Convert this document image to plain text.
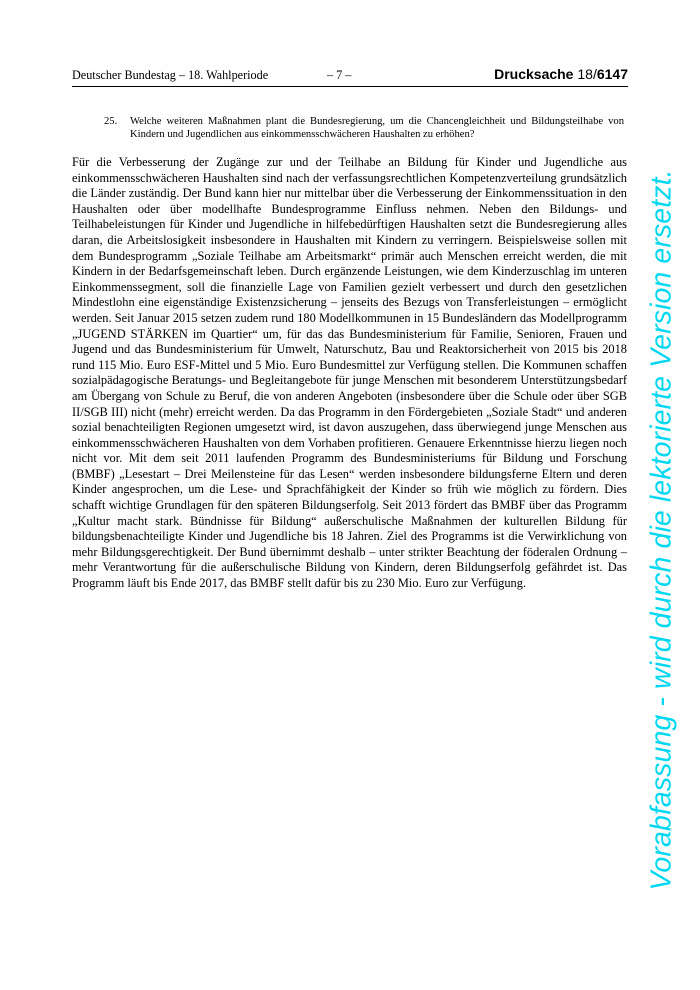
Deutscher Bundestag – 18. Wahlperiode	– 7 –	Drucksache 18/6147
25. Welche weiteren Maßnahmen plant die Bundesregierung, um die Chancengleichheit und Bildungsteilhabe von Kindern und Jugendlichen aus einkommensschwächeren Haushalten zu erhöhen?
Für die Verbesserung der Zugänge zur und der Teilhabe an Bildung für Kinder und Jugendliche aus einkommensschwächeren Haushalten sind nach der verfassungsrechtlichen Kompetenzverteilung grundsätzlich die Länder zuständig. Der Bund kann hier nur mittelbar über die Verbesserung der Einkommenssituation in den Haushalten oder über modellhafte Bundesprogramme Einfluss nehmen. Neben den Bildungs- und Teilhabeleistungen für Kinder und Jugendliche in hilfebedürftigen Haushalten setzt die Bundesregierung alles daran, die Arbeitslosigkeit insbesondere in Haushalten mit Kindern zu verringern. Beispielsweise sollen mit dem Bundesprogramm „Soziale Teilhabe am Arbeitsmarkt“ primär auch Menschen erreicht werden, die mit Kindern in der Bedarfsgemeinschaft leben. Durch ergänzende Leistungen, wie dem Kinderzuschlag im unteren Einkommenssegment, soll die finanzielle Lage von Familien gezielt verbessert und durch den gesetzlichen Mindestlohn eine eigenständige Existenzsicherung – jenseits des Bezugs von Transferleistungen – ermöglicht werden. Seit Januar 2015 setzen zudem rund 180 Modellkommunen in 15 Bundesländern das Modellprogramm „JUGEND STÄRKEN im Quartier“ um, für das das Bundesministerium für Familie, Senioren, Frauen und Jugend und das Bundesministerium für Umwelt, Naturschutz, Bau und Reaktorsicherheit von 2015 bis 2018 rund 115 Mio. Euro ESF-Mittel und 5 Mio. Euro Bundesmittel zur Verfügung stellen. Die Kommunen schaffen sozialpädagogische Beratungs- und Begleitangebote für junge Menschen mit besonderem Unterstützungsbedarf am Übergang von Schule zu Beruf, die von anderen Angeboten (insbesondere über die Schule oder über SGB II/SGB III) nicht (mehr) erreicht werden. Da das Programm in den Fördergebieten „Soziale Stadt“ und anderen sozial benachteiligten Regionen umgesetzt wird, ist davon auszugehen, dass überwiegend junge Menschen aus einkommensschwächeren Haushalten von dem Vorhaben profitieren. Genauere Erkenntnisse hierzu liegen noch nicht vor. Mit dem seit 2011 laufenden Programm des Bundesministeriums für Bildung und Forschung (BMBF) „Lesestart – Drei Meilensteine für das Lesen“ werden insbesondere bildungsferne Eltern und deren Kinder angesprochen, um die Lese- und Sprachfähigkeit der Kinder so früh wie möglich zu fördern. Dies schafft wichtige Grundlagen für den späteren Bildungserfolg. Seit 2013 fördert das BMBF über das Programm „Kultur macht stark. Bündnisse für Bildung“ außerschulische Maßnahmen der kulturellen Bildung für bildungsbenachteiligte Kinder und Jugendliche bis 18 Jahren. Ziel des Programms ist die Verwirklichung von mehr Bildungsgerechtigkeit. Der Bund übernimmt deshalb – unter strikter Beachtung der föderalen Ordnung – mehr Verantwortung für die außerschulische Bildung von Kindern, deren Bildungserfolg gefährdet ist. Das Programm läuft bis Ende 2017, das BMBF stellt dafür bis zu 230 Mio. Euro zur Verfügung.	Vorabfassung - wird durch die lektorierte Version ersetzt.
